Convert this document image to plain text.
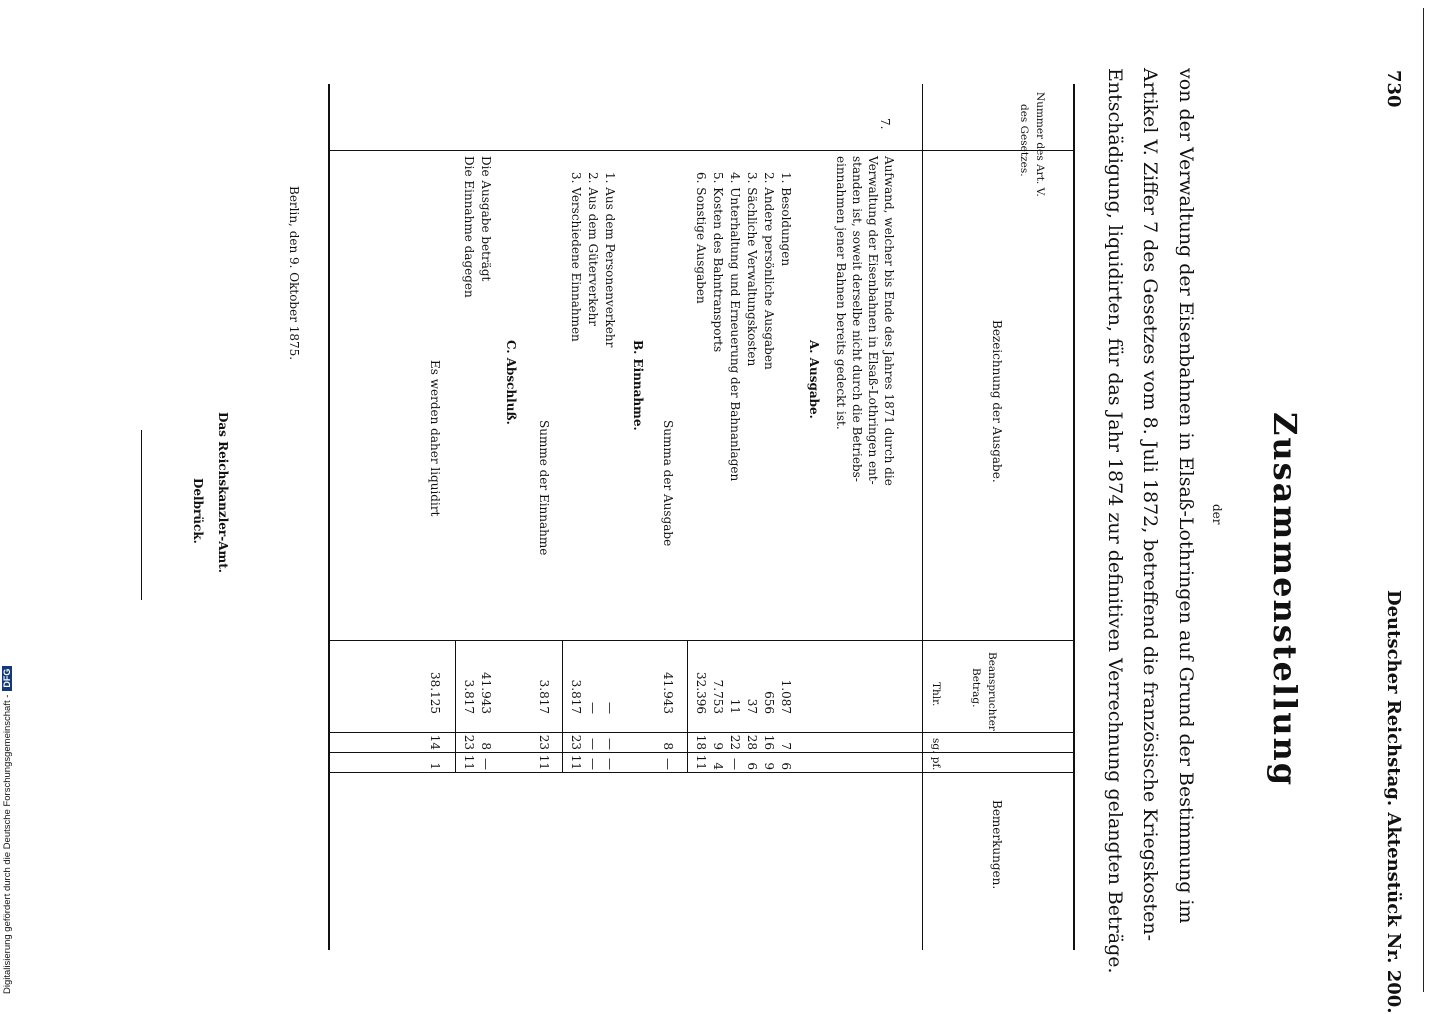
730
Deutscher Reichstag. Aktenstück Nr. 200.
Zusammenstellung
der
von der Verwaltung der Eisenbahnen in Elsaß-Lothringen auf Grund der Bestimmung im
Artikel V. Ziffer 7 des Gesetzes vom 8. Juli 1872, betreffend die französische Kriegskosten-
Entschädigung, liquidirten, für das Jahr 1874 zur definitiven Verrechnung gelangten Beträge.
Nummer des Art. V.
des Gesetzes.
Bezeichnung der Ausgabe.
Beanspruchter
Betrag.
Thlr.
sg. pf.
Bemerkungen.
7.
Aufwand, welcher bis Ende des Jahres 1871 durch die
Verwaltung der Eisenbahnen in Elsaß-Lothringen ent-
standen ist, soweit derselbe nicht durch die Betriebs-
einnahmen jener Bahnen bereits gedeckt ist.
A. Ausgabe.
1. Besoldungen
1.087
7
6
2. Andere persönliche Ausgaben
656
16
9
3. Sächliche Verwaltungskosten
37
28
6
4. Unterhaltung und Erneuerung der Bahnanlagen
11
22
—
5. Kosten des Bahntransports
7.753
9
4
6. Sonstige Ausgaben
32.396
18
11
Summa der Ausgabe
41.943
8
—
B. Einnahme.
1. Aus dem Personenverkehr
—
—
—
2. Aus dem Güterverkehr
—
—
—
3. Verschiedene Einnahmen
3.817
23
11
Summe der Einnahme
3.817
23
11
C. Abschluß.
Die Ausgabe beträgt
41.943
8
—
Die Einnahme dagegen
3.817
23
11
Es werden daher liquidirt
38.125
14
1
Berlin, den 9. Oktober 1875.
Das Reichskanzler-Amt.
Delbrück.
Digitalisierung gefördert durch die Deutsche Forschungsgemeinschaft -DFG
